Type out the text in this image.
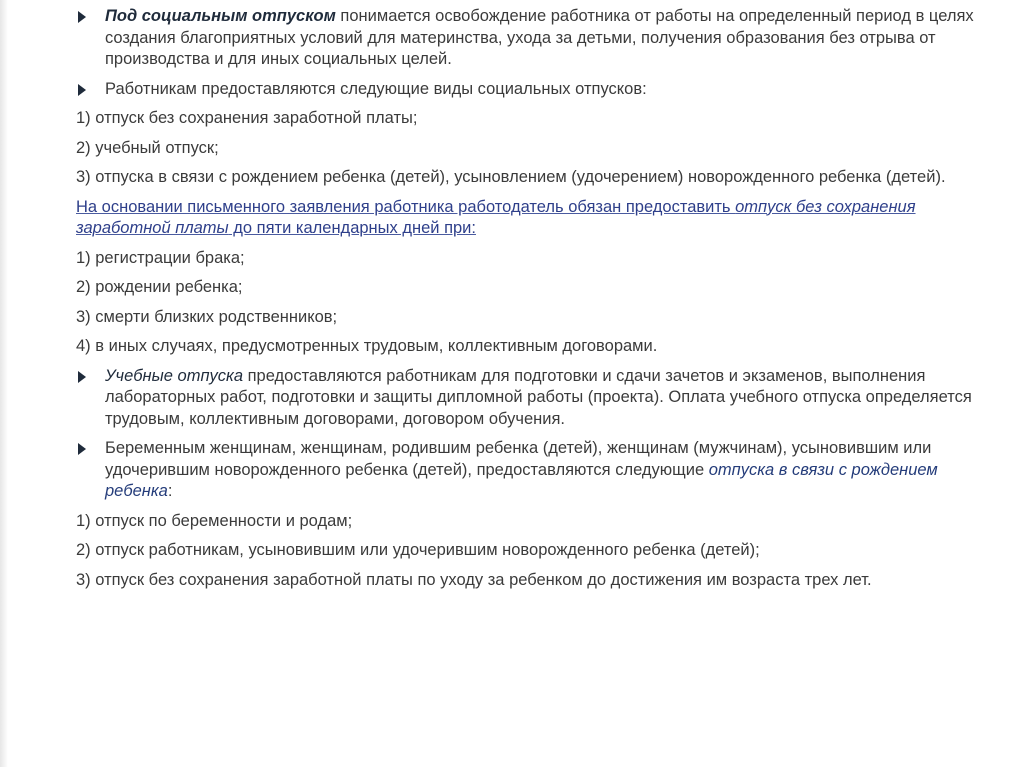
Под социальным отпуском понимается освобождение работника от работы на определенный период в целях создания благоприятных условий для материнства, ухода за детьми, получения образования без отрыва от производства и для иных социальных целей.
Работникам предоставляются следующие виды социальных отпусков:
1) отпуск без сохранения заработной платы;
2) учебный отпуск;
3) отпуска в связи с рождением ребенка (детей), усыновлением (удочерением) новорожденного ребенка (детей).
На основании письменного заявления работника работодатель обязан предоставить отпуск без сохранения заработной платы до пяти календарных дней при:
1) регистрации брака;
2) рождении ребенка;
3) смерти близких родственников;
4) в иных случаях, предусмотренных трудовым, коллективным договорами.
Учебные отпуска предоставляются работникам для подготовки и сдачи зачетов и экзаменов, выполнения лабораторных работ, подготовки и защиты дипломной работы (проекта). Оплата учебного отпуска определяется трудовым, коллективным договорами, договором обучения.
Беременным женщинам, женщинам, родившим ребенка (детей), женщинам (мужчинам), усыновившим или удочерившим новорожденного ребенка (детей), предоставляются следующие отпуска в связи с рождением ребенка:
1) отпуск по беременности и родам;
2) отпуск работникам, усыновившим или удочерившим новорожденного ребенка (детей);
3) отпуск без сохранения заработной платы по уходу за ребенком до достижения им возраста трех лет.
